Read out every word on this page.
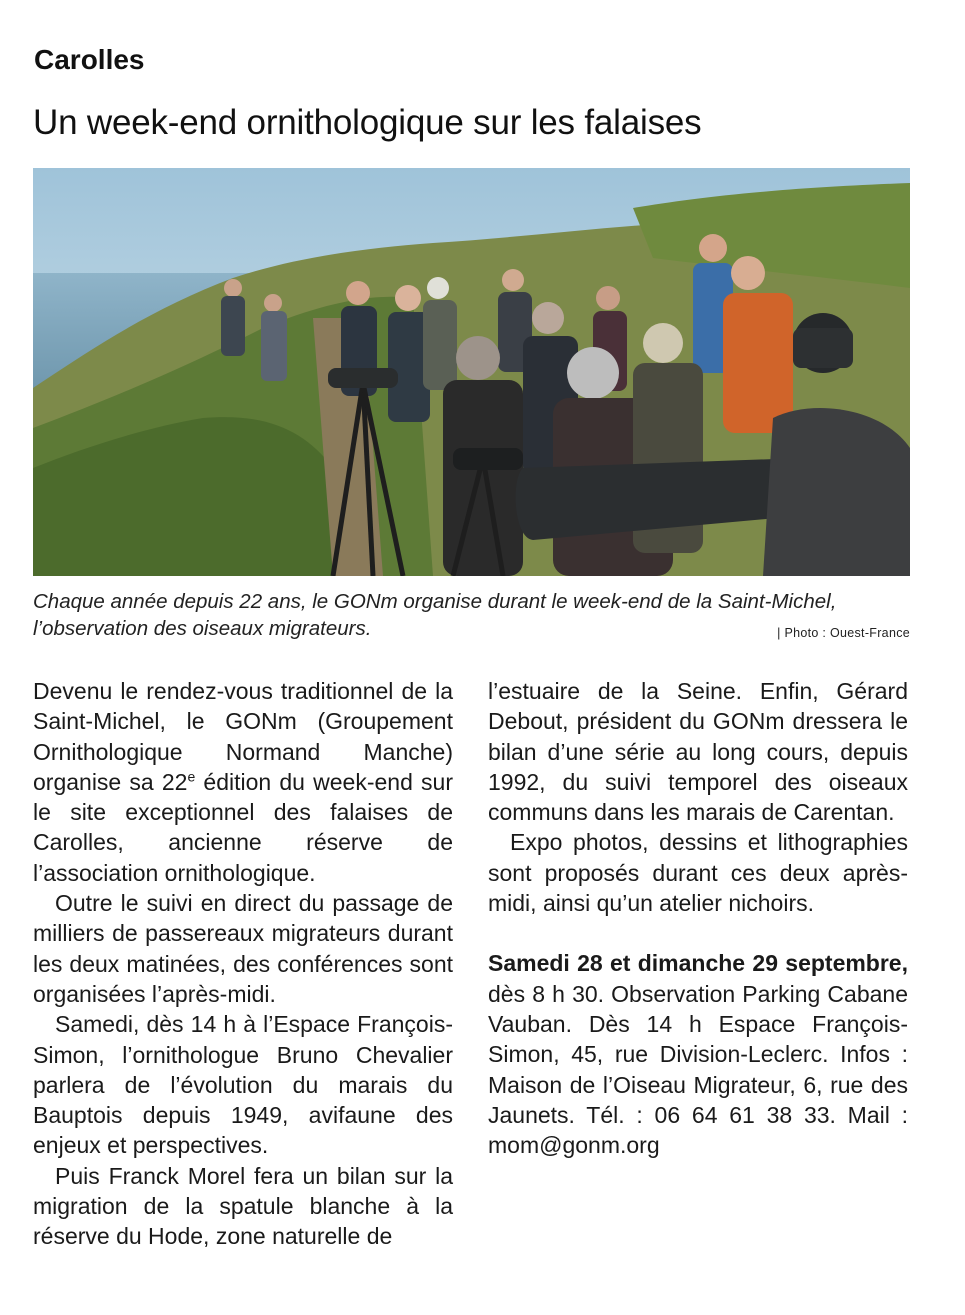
Carolles
Un week-end ornithologique sur les falaises
Chaque année depuis 22 ans, le GONm organise durant le week-end de la Saint-Michel, l’observation des oiseaux migrateurs.	| Photo : Ouest-France

Devenu le rendez-vous traditionnel de la Saint-Michel, le GONm (Groupement Ornithologique Normand Manche) organise sa 22e édition du week-end sur le site exceptionnel des falaises de Carolles, ancienne réserve de l’association ornithologique.

Outre le suivi en direct du passage de milliers de passereaux migrateurs durant les deux matinées, des conférences sont organisées l’après-midi.

Samedi, dès 14 h à l’Espace François-Simon, l’ornithologue Bruno Chevalier parlera de l’évolution du marais du Bauptois depuis 1949, avifaune des enjeux et perspectives.

Puis Franck Morel fera un bilan sur la migration de la spatule blanche à la réserve du Hode, zone naturelle de

l’estuaire de la Seine. Enfin, Gérard Debout, président du GONm dressera le bilan d’une série au long cours, depuis 1992, du suivi temporel des oiseaux communs dans les marais de Carentan.

Expo photos, dessins et lithographies sont proposés durant ces deux après-midi, ainsi qu’un atelier nichoirs.

Samedi 28 et dimanche 29 septembre, dès 8 h 30. Observation Parking Cabane Vauban. Dès 14 h Espace François-Simon, 45, rue Division-Leclerc. Infos : Maison de l’Oiseau Migrateur, 6, rue des Jaunets. Tél. : 06 64 61 38 33. Mail : mom@gonm.org
